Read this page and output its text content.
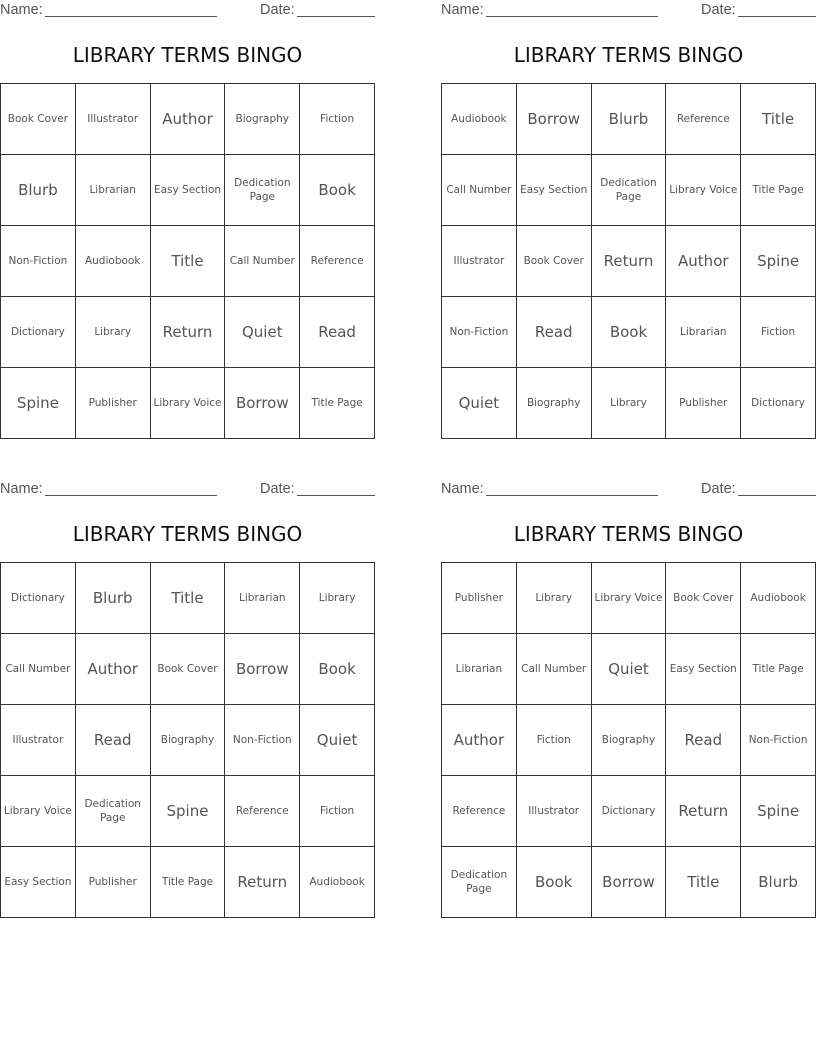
Name:	Date:
LIBRARY TERMS BINGO
Book Cover	Illustrator	Author	Biography	Fiction
Blurb	Librarian	Easy Section	Dedication Page	Book
Non-Fiction	Audiobook	Title	Call Number	Reference
Dictionary	Library	Return	Quiet	Read
Spine	Publisher	Library Voice	Borrow	Title Page
Name:	Date:
LIBRARY TERMS BINGO
Audiobook	Borrow	Blurb	Reference	Title
Call Number	Easy Section	Dedication Page	Library Voice	Title Page
Illustrator	Book Cover	Return	Author	Spine
Non-Fiction	Read	Book	Librarian	Fiction
Quiet	Biography	Library	Publisher	Dictionary
Name:	Date:
LIBRARY TERMS BINGO
Dictionary	Blurb	Title	Librarian	Library
Call Number	Author	Book Cover	Borrow	Book
Illustrator	Read	Biography	Non-Fiction	Quiet
Library Voice	Dedication Page	Spine	Reference	Fiction
Easy Section	Publisher	Title Page	Return	Audiobook
Name:	Date:
LIBRARY TERMS BINGO
Publisher	Library	Library Voice	Book Cover	Audiobook
Librarian	Call Number	Quiet	Easy Section	Title Page
Author	Fiction	Biography	Read	Non-Fiction
Reference	Illustrator	Dictionary	Return	Spine
Dedication Page	Book	Borrow	Title	Blurb
